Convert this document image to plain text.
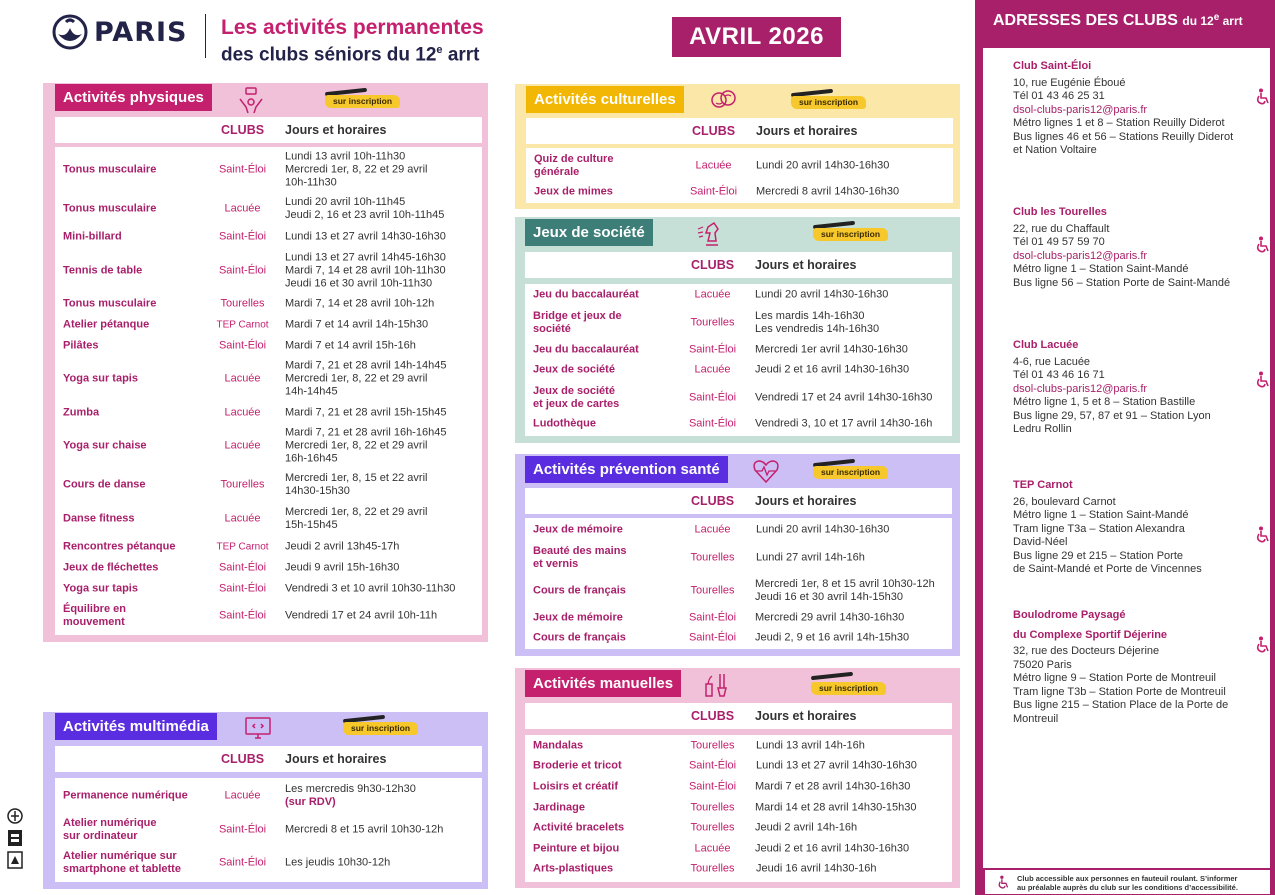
PARIS Les activités permanentes
des clubs séniors du 12e arrt
AVRIL 2026
Activités physiques	sur inscription
CLUBS Jours et horaires
Tonus musculaire	Saint-Éloi
Lundi 13 avril 10h-11h30
Mercredi 1er, 8, 22 et 29 avril
10h-11h30
Tonus musculaire	Lacuée
Lundi 20 avril 10h-11h45
Jeudi 2, 16 et 23 avril 10h-11h45
Mini-billard	Saint-Éloi	Lundi 13 et 27 avril 14h30-16h30
Tennis de table	Saint-Éloi
Lundi 13 et 27 avril 14h45-16h30
Mardi 7, 14 et 28 avril 10h-11h30
Jeudi 16 et 30 avril 10h-11h30
Tonus musculaire	Tourelles	Mardi 7, 14 et 28 avril 10h-12h
Atelier pétanque	TEP Carnot	Mardi 7 et 14 avril 14h-15h30
Pilâtes	Saint-Éloi	Mardi 7 et 14 avril 15h-16h
Yoga sur tapis	Lacuée
Mardi 7, 21 et 28 avril 14h-14h45
Mercredi 1er, 8, 22 et 29 avril
14h-14h45
Zumba	Lacuée	Mardi 7, 21 et 28 avril 15h-15h45
Yoga sur chaise	Lacuée
Mardi 7, 21 et 28 avril 16h-16h45
Mercredi 1er, 8, 22 et 29 avril
16h-16h45
Cours de danse	Tourelles
Mercredi 1er, 8, 15 et 22 avril
14h30-15h30
Danse fitness	Lacuée
Mercredi 1er, 8, 22 et 29 avril
15h-15h45
Rencontres pétanque	TEP Carnot	Jeudi 2 avril 13h45-17h
Jeux de fléchettes	Saint-Éloi	Jeudi 9 avril 15h-16h30
Yoga sur tapis	Saint-Éloi	Vendredi 3 et 10 avril 10h30-11h30
Équilibre en
mouvement
Saint-Éloi	Vendredi 17 et 24 avril 10h-11h
Activités multimédia	sur inscription
CLUBS Jours et horaires
Permanence numérique	Lacuée
Les mercredis 9h30-12h30
(sur RDV)
Atelier numérique
sur ordinateur
Saint-Éloi	Mercredi 8 et 15 avril 10h30-12h
Atelier numérique sur
smartphone et tablette
Saint-Éloi	Les jeudis 10h30-12h
Activités culturelles	sur inscription
CLUBS Jours et horaires
Quiz de culture
générale
Lacuée	Lundi 20 avril 14h30-16h30
Jeux de mimes	Saint-Éloi	Mercredi 8 avril 14h30-16h30
Jeux de société	sur inscription
CLUBS Jours et horaires
Jeu du baccalauréat	Lacuée	Lundi 20 avril 14h30-16h30
Bridge et jeux de
société
Tourelles
Les mardis 14h-16h30
Les vendredis 14h-16h30
Jeu du baccalauréat	Saint-Éloi	Mercredi 1er avril 14h30-16h30
Jeux de société	Lacuée	Jeudi 2 et 16 avril 14h30-16h30
Jeux de société
et jeux de cartes
Saint-Éloi	Vendredi 17 et 24 avril 14h30-16h30
Ludothèque	Saint-Éloi	Vendredi 3, 10 et 17 avril 14h30-16h
Activités prévention santé	sur inscription
CLUBS Jours et horaires
Jeux de mémoire	Lacuée	Lundi 20 avril 14h30-16h30
Beauté des mains
et vernis
Tourelles	Lundi 27 avril 14h-16h
Cours de français	Tourelles
Mercredi 1er, 8 et 15 avril 10h30-12h
Jeudi 16 et 30 avril 14h-15h30
Jeux de mémoire	Saint-Éloi	Mercredi 29 avril 14h30-16h30
Cours de français	Saint-Éloi	Jeudi 2, 9 et 16 avril 14h-15h30
Activités manuelles	sur inscription
CLUBS Jours et horaires
Mandalas	Tourelles	Lundi 13 avril 14h-16h
Broderie et tricot	Saint-Éloi	Lundi 13 et 27 avril 14h30-16h30
Loisirs et créatif	Saint-Éloi	Mardi 7 et 28 avril 14h30-16h30
Jardinage	Tourelles	Mardi 14 et 28 avril 14h30-15h30
Activité bracelets	Tourelles	Jeudi 2 avril 14h-16h
Peinture et bijou	Lacuée	Jeudi 2 et 16 avril 14h30-16h30
Arts-plastiques	Tourelles	Jeudi 16 avril 14h30-16h
ADRESSES DES CLUBS du 12e arrt
Club Saint-Éloi
10, rue Eugénie Éboué
Tél 01 43 46 25 31
dsol-clubs-paris12@paris.fr
Métro lignes 1 et 8 – Station Reuilly Diderot
Bus lignes 46 et 56 – Stations Reuilly Diderot
et Nation Voltaire
Club les Tourelles
22, rue du Chaffault
Tél 01 49 57 59 70
dsol-clubs-paris12@paris.fr
Métro ligne 1 – Station Saint-Mandé
Bus ligne 56 – Station Porte de Saint-Mandé
Club Lacuée
4-6, rue Lacuée
Tél 01 43 46 16 71
dsol-clubs-paris12@paris.fr
Métro ligne 1, 5 et 8 – Station Bastille
Bus ligne 29, 57, 87 et 91 – Station Lyon
Ledru Rollin
TEP Carnot
26, boulevard Carnot
Métro ligne 1 – Station Saint-Mandé
Tram ligne T3a – Station Alexandra
David-Néel
Bus ligne 29 et 215 – Station Porte
de Saint-Mandé et Porte de Vincennes
Boulodrome Paysagé
du Complexe Sportif Déjerine
32, rue des Docteurs Déjerine
75020 Paris
Métro ligne 9 – Station Porte de Montreuil
Tram ligne T3b – Station Porte de Montreuil
Bus ligne 215 – Station Place de la Porte de
Montreuil
Club accessible aux personnes en fauteuil roulant. S’informer
au préalable auprès du club sur les conditions d’accessibilité.
